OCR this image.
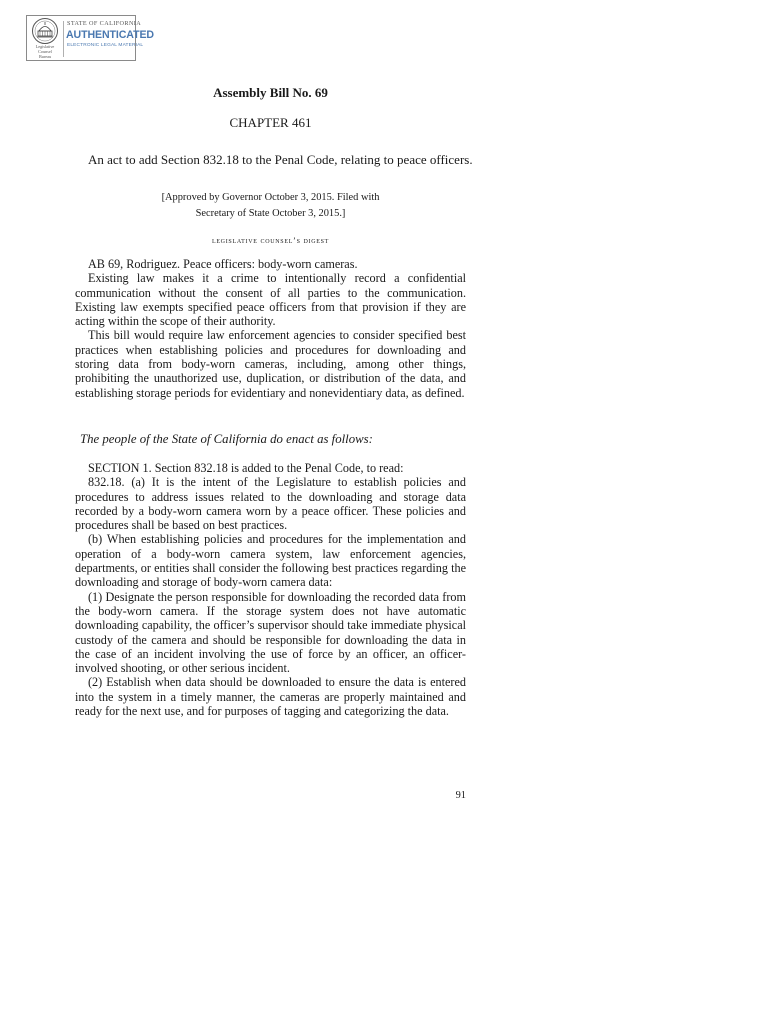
Legislative
Counsel
Bureau
STATE OF CALIFORNIA
AUTHENTICATED
ELECTRONIC LEGAL MATERIAL
Assembly Bill No. 69
CHAPTER 461

An act to add Section 832.18 to the Penal Code, relating to peace officers.

[Approved by Governor October 3, 2015. Filed with
Secretary of State October 3, 2015.]
legislative counsel’s digest

AB 69, Rodriguez. Peace officers: body-worn cameras.

Existing law makes it a crime to intentionally record a confidential communication without the consent of all parties to the communication. Existing law exempts specified peace officers from that provision if they are acting within the scope of their authority.

This bill would require law enforcement agencies to consider specified best practices when establishing policies and procedures for downloading and storing data from body-worn cameras, including, among other things, prohibiting the unauthorized use, duplication, or distribution of the data, and establishing storage periods for evidentiary and nonevidentiary data, as defined.

The people of the State of California do enact as follows:

SECTION 1. Section 832.18 is added to the Penal Code, to read:

832.18. (a) It is the intent of the Legislature to establish policies and procedures to address issues related to the downloading and storage data recorded by a body-worn camera worn by a peace officer. These policies and procedures shall be based on best practices.

(b) When establishing policies and procedures for the implementation and operation of a body-worn camera system, law enforcement agencies, departments, or entities shall consider the following best practices regarding the downloading and storage of body-worn camera data:

(1) Designate the person responsible for downloading the recorded data from the body-worn camera. If the storage system does not have automatic downloading capability, the officer’s supervisor should take immediate physical custody of the camera and should be responsible for downloading the data in the case of an incident involving the use of force by an officer, an officer-involved shooting, or other serious incident.

(2) Establish when data should be downloaded to ensure the data is entered into the system in a timely manner, the cameras are properly maintained and ready for the next use, and for purposes of tagging and categorizing the data.

91
